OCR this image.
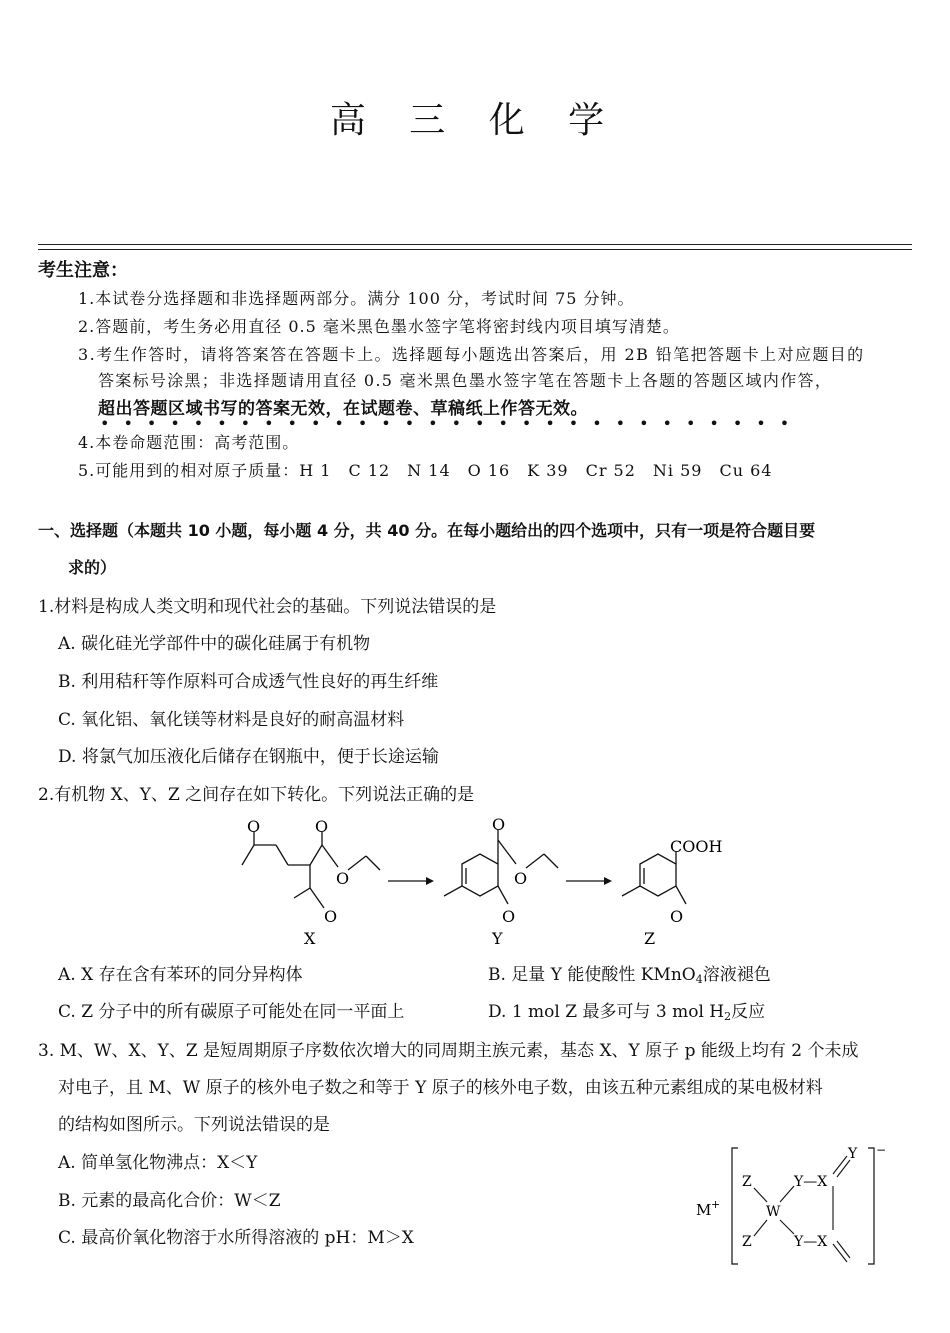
高 三 化 学
考生注意：
1.本试卷分选择题和非选择题两部分。满分 100 分，考试时间 75 分钟。
2.答题前，考生务必用直径 0.5 毫米黑色墨水签字笔将密封线内项目填写清楚。
3.考生作答时，请将答案答在答题卡上。选择题每小题选出答案后，用 2B 铅笔把答题卡上对应题目的
答案标号涂黑；非选择题请用直径 0.5 毫米黑色墨水签字笔在答题卡上各题的答题区域内作答，
超出答题区域书写的答案无效，在试题卷、草稿纸上作答无效。
••••••••••••••••••••••••••••••
4.本卷命题范围：高考范围。
5.可能用到的相对原子质量：H 1　C 12　N 14　O 16　K 39　Cr 52　Ni 59　Cu 64
一、选择题（本题共 10 小题，每小题 4 分，共 40 分。在每小题给出的四个选项中，只有一项是符合题目要
求的）
1.材料是构成人类文明和现代社会的基础。下列说法错误的是
A. 碳化硅光学部件中的碳化硅属于有机物
B. 利用秸秆等作原料可合成透气性良好的再生纤维
C. 氧化铝、氧化镁等材料是良好的耐高温材料
D. 将氯气加压液化后储存在钢瓶中，便于长途运输
2.有机物 X、Y、Z 之间存在如下转化。下列说法正确的是
O	O
O
O
X
O
O
O
Y
COOH
O
Z
A. X 存在含有苯环的同分异构体	B. 足量 Y 能使酸性 KMnO$_4$溶液褪色
C. Z 分子中的所有碳原子可能处在同一平面上	D. 1 mol Z 最多可与 3 mol $H_2$反应
3. M、W、X、Y、Z 是短周期原子序数依次增大的同周期主族元素，基态 X、Y 原子 p 能级上均有 2 个未成
对电子，且 M、W 原子的核外电子数之和等于 Y 原子的核外电子数，由该五种元素组成的某电极材料
的结构如图所示。下列说法错误的是
A. 简单氢化物沸点：X＜Y
B. 元素的最高化合价：W＜Z
C. 最高价氧化物溶于水所得溶液的 pH：M＞X
M +
−
Z
Z
W
Y—X
Y—X
Y
